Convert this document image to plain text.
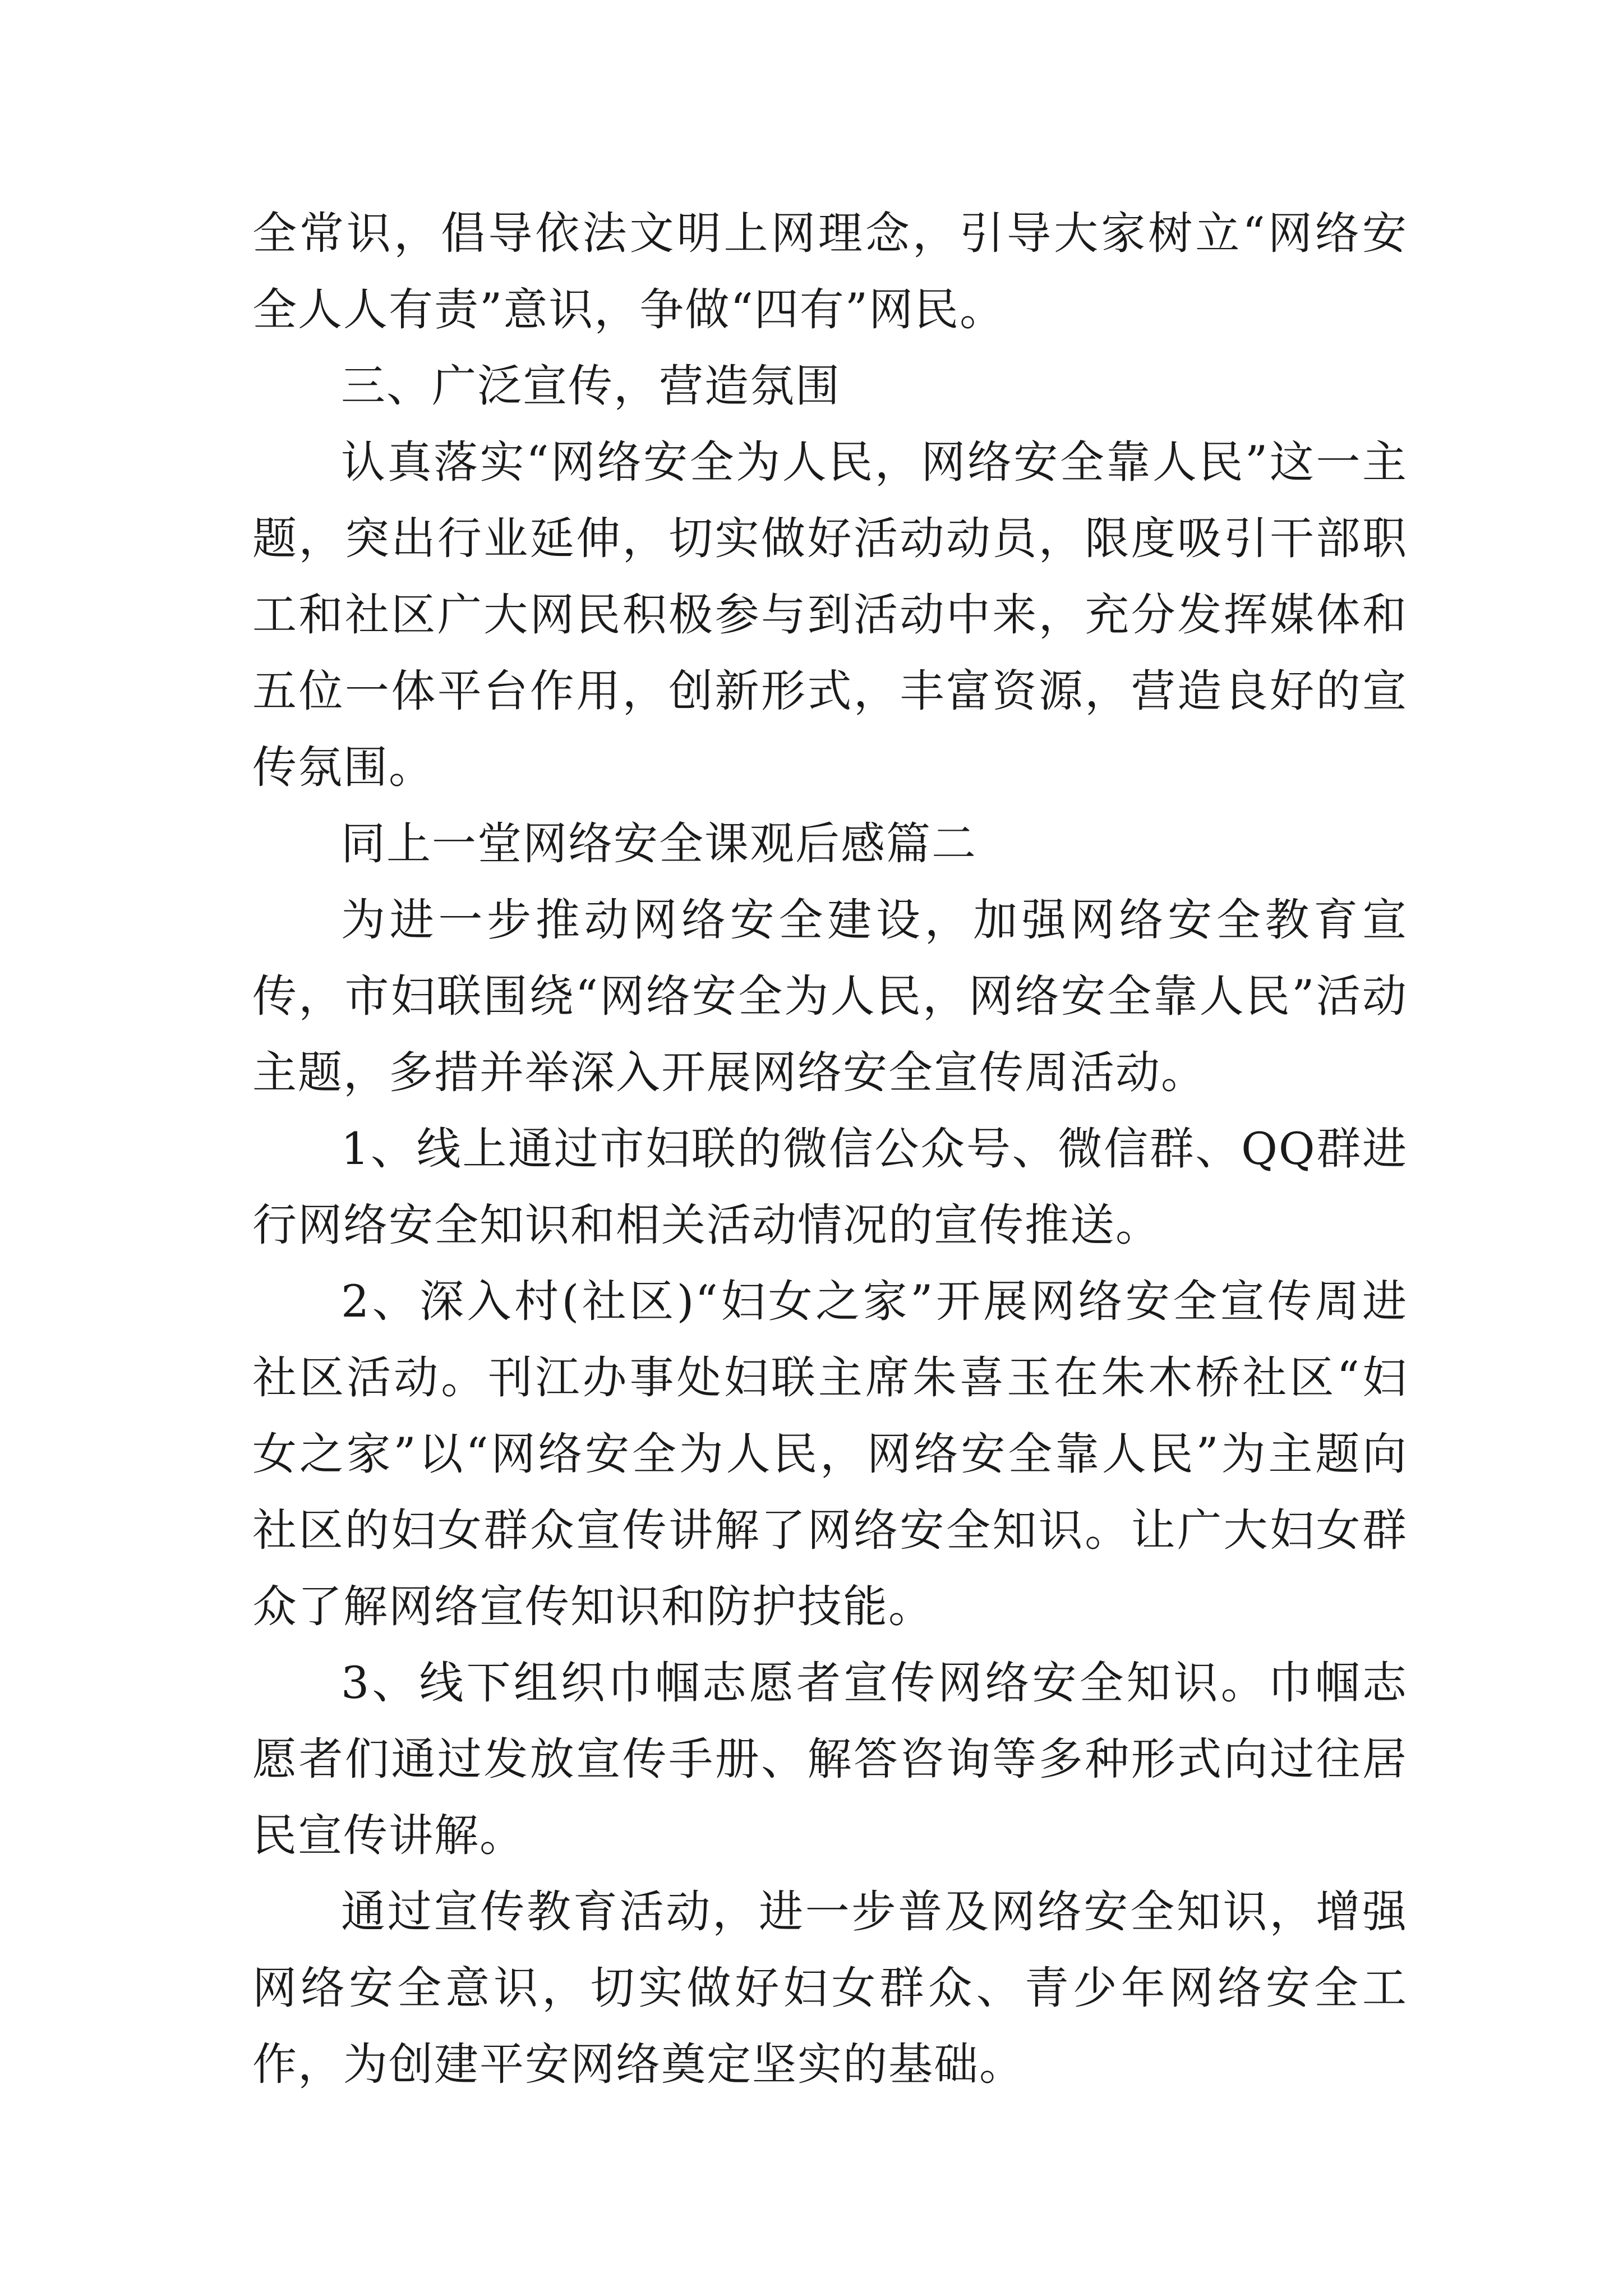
全常识，倡导依法文明上网理念，引导大家树立“网络安全人人有责”意识，争做“四有”网民。

三、广泛宣传，营造氛围

认真落实“网络安全为人民，网络安全靠人民”这一主题，突出行业延伸，切实做好活动动员，限度吸引干部职工和社区广大网民积极参与到活动中来，充分发挥媒体和五位一体平台作用，创新形式，丰富资源，营造良好的宣传氛围。

同上一堂网络安全课观后感篇二

为进一步推动网络安全建设，加强网络安全教育宣传，市妇联围绕“网络安全为人民，网络安全靠人民”活动主题，多措并举深入开展网络安全宣传周活动。

1、线上通过市妇联的微信公众号、微信群、QQ群进行网络安全知识和相关活动情况的宣传推送。

2、深入村(社区)“妇女之家”开展网络安全宣传周进社区活动。刊江办事处妇联主席朱喜玉在朱木桥社区“妇女之家”以“网络安全为人民，网络安全靠人民”为主题向社区的妇女群众宣传讲解了网络安全知识。让广大妇女群众了解网络宣传知识和防护技能。

3、线下组织巾帼志愿者宣传网络安全知识。巾帼志愿者们通过发放宣传手册、解答咨询等多种形式向过往居民宣传讲解。

通过宣传教育活动，进一步普及网络安全知识，增强网络安全意识，切实做好妇女群众、青少年网络安全工作，为创建平安网络奠定坚实的基础。
